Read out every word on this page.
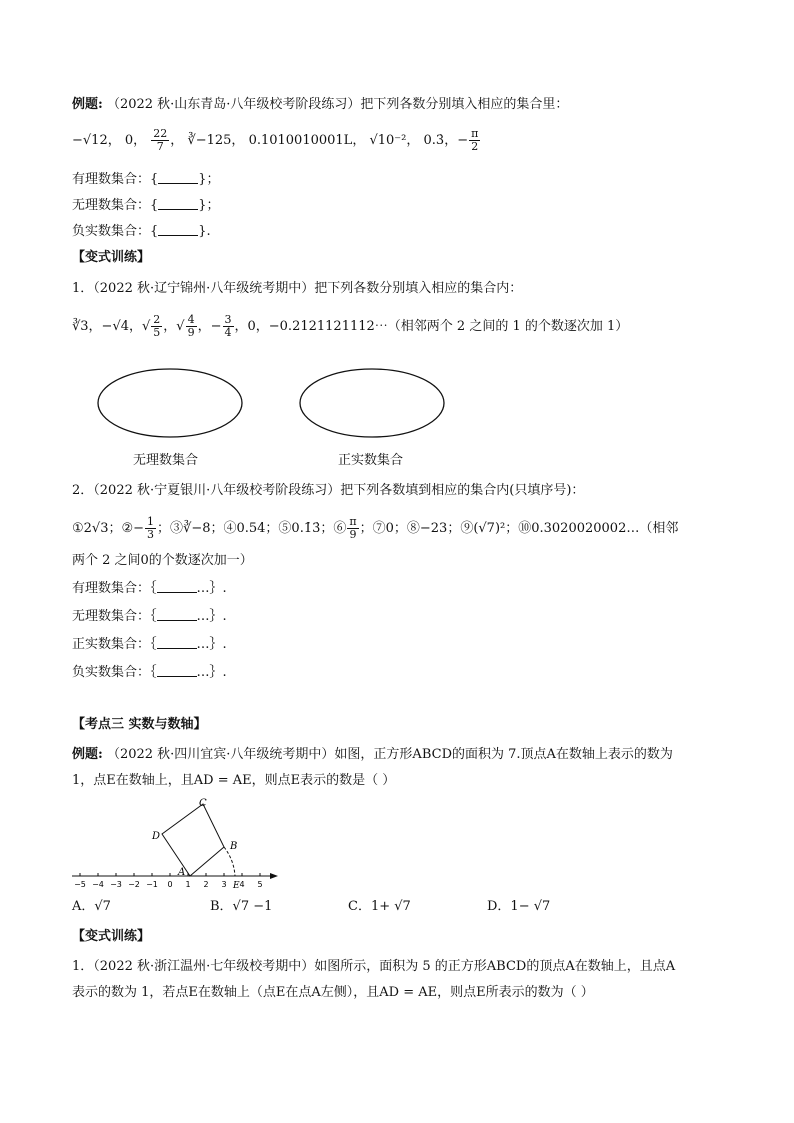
例题: （2022 秋·山东青岛·八年级校考阶段练习）把下列各数分别填入相应的集合里：
−√12， 0， $\frac{22}{7}$ ， ∛−125， 0.1010010001L， √10⁻²， 0.3̇，− $\frac{\pi}{2}$
有理数集合：{	}；
无理数集合：{	}；
负实数集合：{	}.
【变式训练】
1．（2022 秋·辽宁锦州·八年级统考期中）把下列各数分别填入相应的集合内：
∛3，−√4，√ $\frac{2}{5}$ ，√ $\frac{4}{9}$ ，− $\frac{3}{4}$ ，0，−0.2121121112⋯（相邻两个 2 之间的 1 的个数逐次加 1）
无理数集合	正实数集合
2．（2022 秋·宁夏银川·八年级校考阶段练习）把下列各数填到相应的集合内(只填序号)：
①2√3；②− $\frac{1}{3}$ ；③∛−8；④0.54̇；⑤0.1̇3̇；⑥ $\frac{\pi}{9}$ ；⑦0；⑧−23；⑨(√7)²；⑩0.3020020002…（相邻
两个 2 之间0的个数逐次加一）
有理数集合：｛	…｝.
无理数集合：｛	…｝.
正实数集合：｛	…｝.
负实数集合：｛	…｝.
【考点三 实数与数轴】
例题: （2022 秋·四川宜宾·八年级统考期中）如图，正方形ABCD的面积为 7.顶点A在数轴上表示的数为
1，点E在数轴上，且AD = AE，则点E表示的数是（ ）
−5 −4 −3 −2 −1 0 1 2 3 4 5
C
D
B
A
E
A．√7	B．√7 −1	C．1+ √7	D．1− √7
【变式训练】
1．（2022 秋·浙江温州·七年级校考期中）如图所示，面积为 5 的正方形ABCD的顶点A在数轴上，且点A
表示的数为 1，若点E在数轴上（点E在点A左侧），且AD = AE，则点E所表示的数为（ ）
